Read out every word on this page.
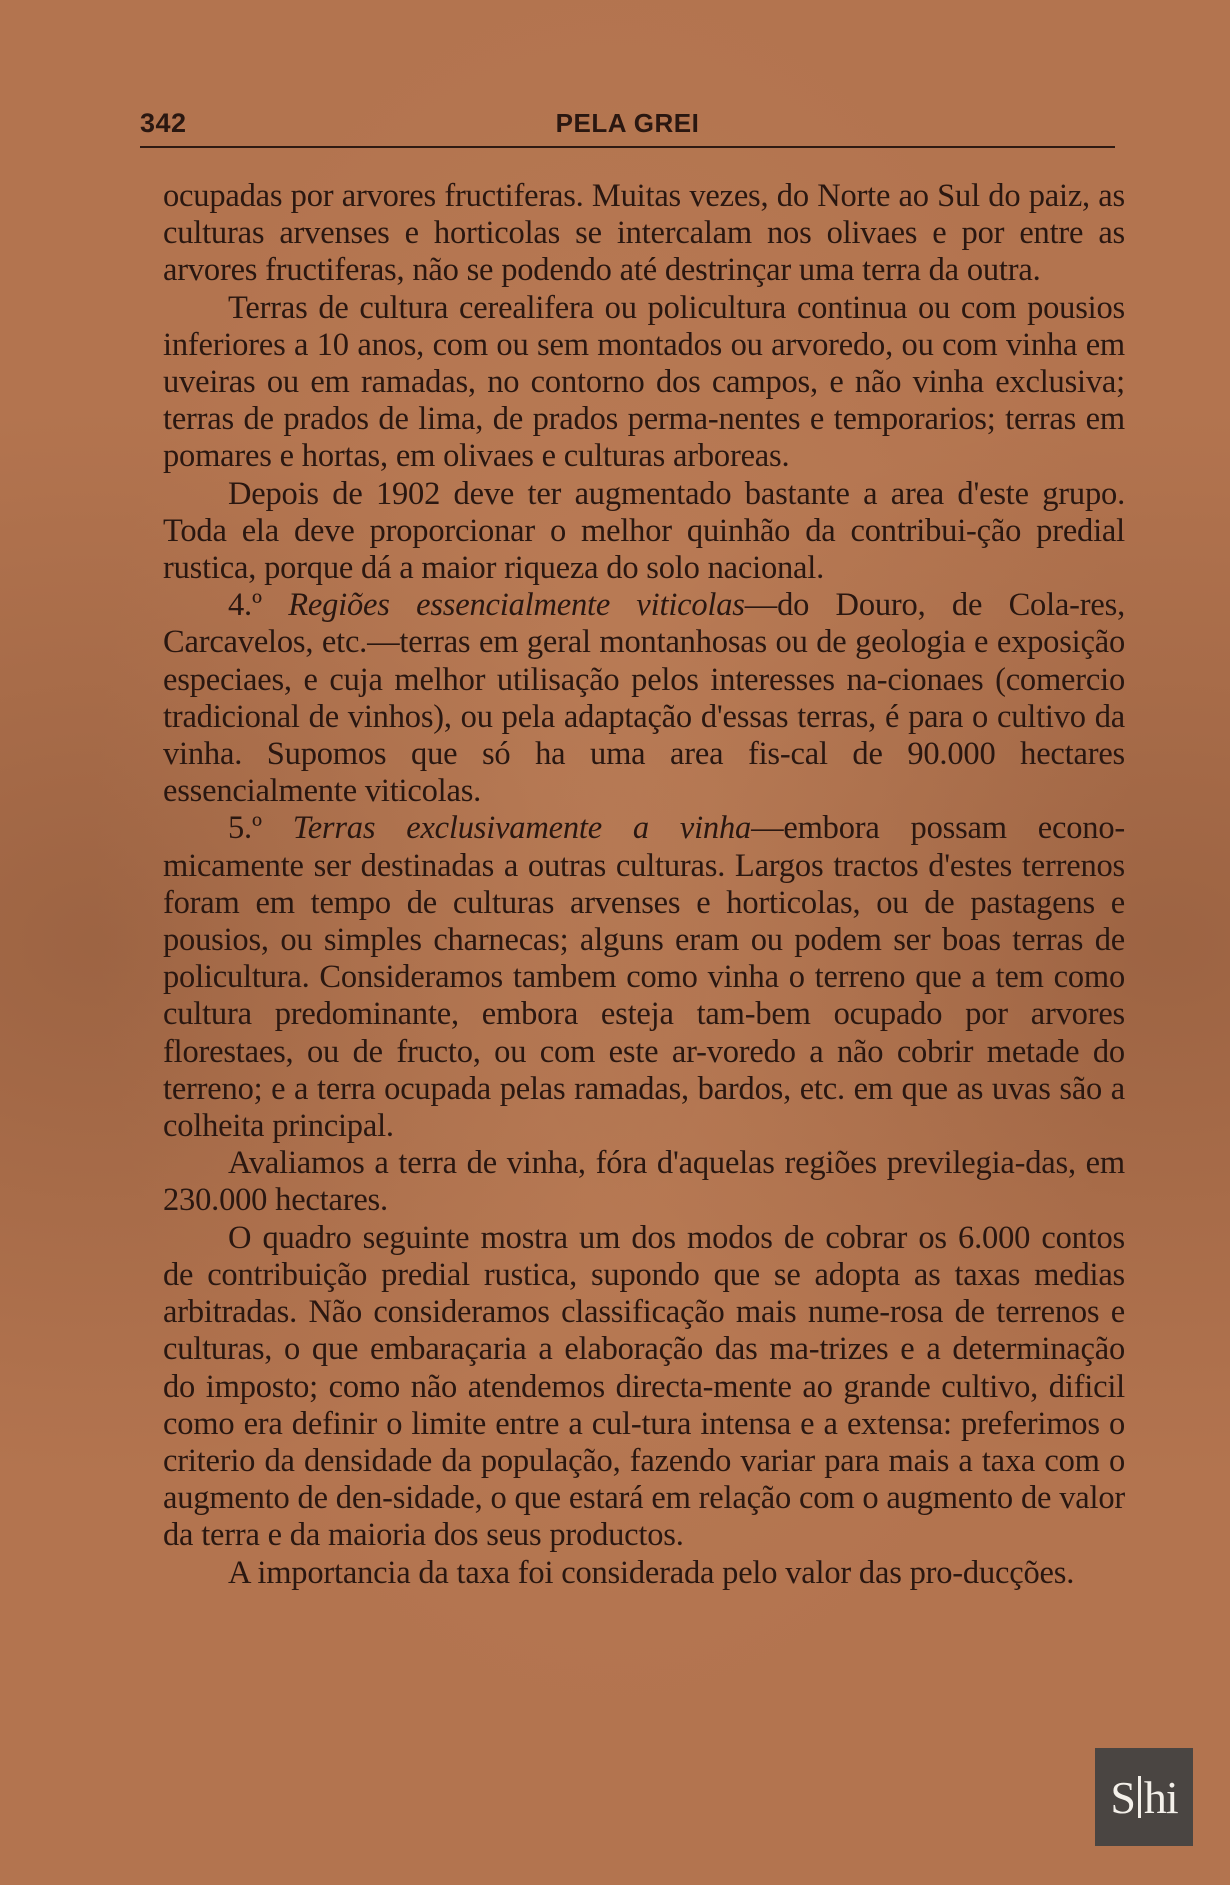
342	PELA GREI

ocupadas por arvores fructiferas. Muitas vezes, do Norte ao Sul do paiz, as culturas arvenses e horticolas se intercalam nos olivaes e por entre as arvores fructiferas, não se podendo até destrinçar uma terra da outra.

Terras de cultura cerealifera ou policultura continua ou com pousios inferiores a 10 anos, com ou sem montados ou arvoredo, ou com vinha em uveiras ou em ramadas, no contorno dos campos, e não vinha exclusiva; terras de prados de lima, de prados perma-nentes e temporarios; terras em pomares e hortas, em olivaes e culturas arboreas.

Depois de 1902 deve ter augmentado bastante a area d'este grupo. Toda ela deve proporcionar o melhor quinhão da contribui-ção predial rustica, porque dá a maior riqueza do solo nacional.

4.º Regiões essencialmente viticolas—do Douro, de Cola-res, Carcavelos, etc.—terras em geral montanhosas ou de geologia e exposição especiaes, e cuja melhor utilisação pelos interesses na-cionaes (comercio tradicional de vinhos), ou pela adaptação d'essas terras, é para o cultivo da vinha. Supomos que só ha uma area fis-cal de 90.000 hectares essencialmente viticolas.

5.º Terras exclusivamente a vinha—embora possam econo-micamente ser destinadas a outras culturas. Largos tractos d'estes terrenos foram em tempo de culturas arvenses e horticolas, ou de pastagens e pousios, ou simples charnecas; alguns eram ou podem ser boas terras de policultura. Consideramos tambem como vinha o terreno que a tem como cultura predominante, embora esteja tam-bem ocupado por arvores florestaes, ou de fructo, ou com este ar-voredo a não cobrir metade do terreno; e a terra ocupada pelas ramadas, bardos, etc. em que as uvas são a colheita principal.

Avaliamos a terra de vinha, fóra d'aquelas regiões previlegia-das, em 230.000 hectares.

O quadro seguinte mostra um dos modos de cobrar os 6.000 contos de contribuição predial rustica, supondo que se adopta as taxas medias arbitradas. Não consideramos classificação mais nume-rosa de terrenos e culturas, o que embaraçaria a elaboração das ma-trizes e a determinação do imposto; como não atendemos directa-mente ao grande cultivo, dificil como era definir o limite entre a cul-tura intensa e a extensa: preferimos o criterio da densidade da população, fazendo variar para mais a taxa com o augmento de den-sidade, o que estará em relação com o augmento de valor da terra e da maioria dos seus productos.

A importancia da taxa foi considerada pelo valor das pro-ducções.

S hi
